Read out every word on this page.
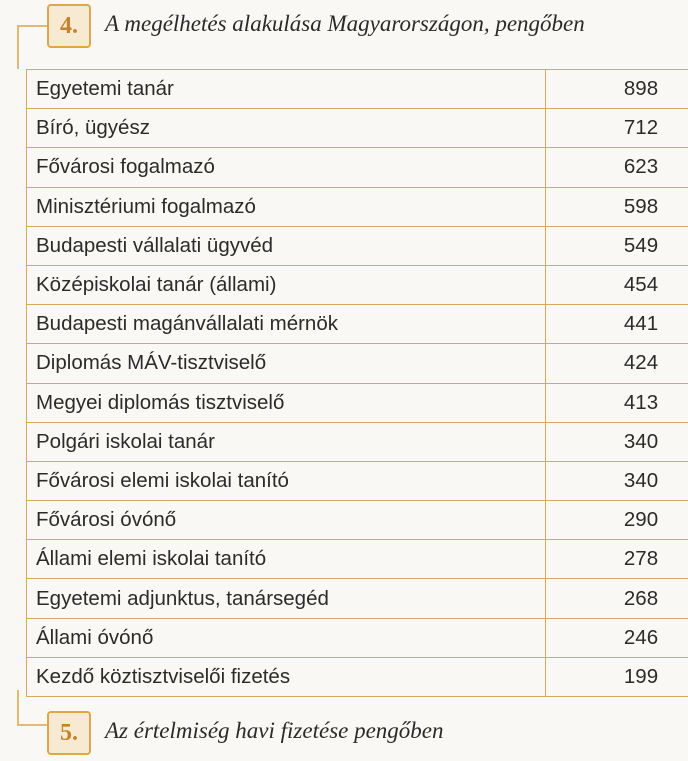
4.	A megélhetés alakulása Magyarországon, pengőben
Egyetemi tanár	898
Bíró, ügyész	712
Fővárosi fogalmazó	623
Minisztériumi fogalmazó	598
Budapesti vállalati ügyvéd	549
Középiskolai tanár (állami)	454
Budapesti magánvállalati mérnök	441
Diplomás MÁV-tisztviselő	424
Megyei diplomás tisztviselő	413
Polgári iskolai tanár	340
Fővárosi elemi iskolai tanító	340
Fővárosi óvónő	290
Állami elemi iskolai tanító	278
Egyetemi adjunktus, tanársegéd	268
Állami óvónő	246
Kezdő köztisztviselői fizetés	199
5.	Az értelmiség havi fizetése pengőben
